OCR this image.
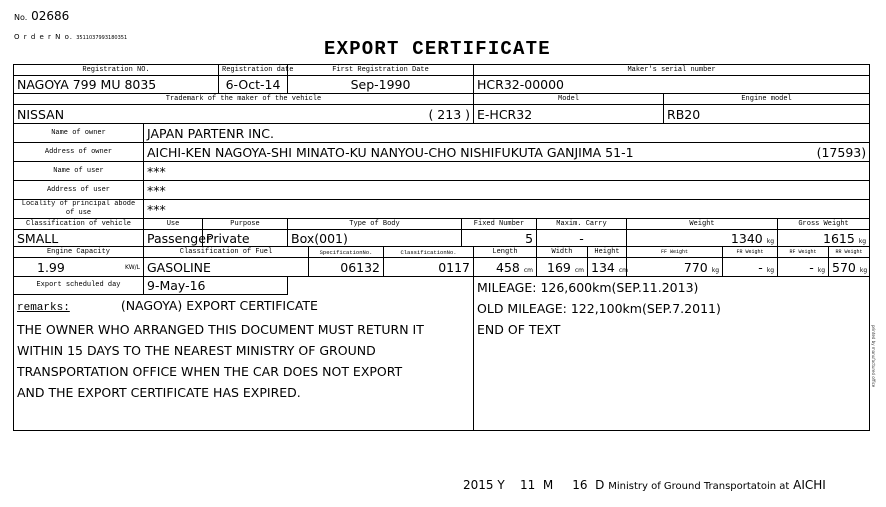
No. 02686
O r d e r N o. 3511037993180351	EXPORT CERTIFICATE
Registration NO.			Registration date	First Registration Date				Maker's serial number							
NAGOYA 799 MU 8035			6-Oct-14	Sep-1990				HCR32-00000							
Trademark of the maker of the vehicle								Model				Engine model			
NISSAN ( 213 )								E-HCR32				RB20			
Name of owner	JAPAN PARTENR INC.														
Address of owner	AICHI-KEN NAGOYA-SHI MINATO-KU NANYOU-CHO NISHIFUKUTA GANJIMA 51-1 (17593)														

Name of user	***														
Address of user	***														
Locality of principal abode of use	***														
Classification of vehicle	Use	Purpose		Type of Body			Fixed Number		Maxim. Carry		Weight			Gross Weight	
SMALL	Passenger	Private		Box(001)			5		-		1340 kg			1615 kg	
Engine Capacity	Classification of Fuel				SpecificationNo.	ClassificationNo.		Length	Width	Height	FF Weight		FR Weight	RF Weight	RR Weight
1.99 KW/L	GASOLINE				06132	0117		458 cm	169 cm	134 cm	770 kg		- kg	- kg	570 kg
Export scheduled day	9-May-16							MILEAGE: 126,600km(SEP.11.2013)
OLD MILEAGE: 122,100km(SEP.7.2011)
END OF TEXT							

remarks: (NAGOYA) EXPORT CERTIFICATE
THE OWNER WHO ARRANGED THIS DOCUMENT MUST RETURN IT
WITHIN 15 DAYS TO THE NEAREST MINISTRY OF GROUND
TRANSPORTATION OFFICE WHEN THE CAR DOES NOT EXPORT
AND THE EXPORT CERTIFICATE HAS EXPIRED.															
printed by manufactured office
2015 Y    11  M     16  D Ministry of Ground Transportatoin at AICHI
